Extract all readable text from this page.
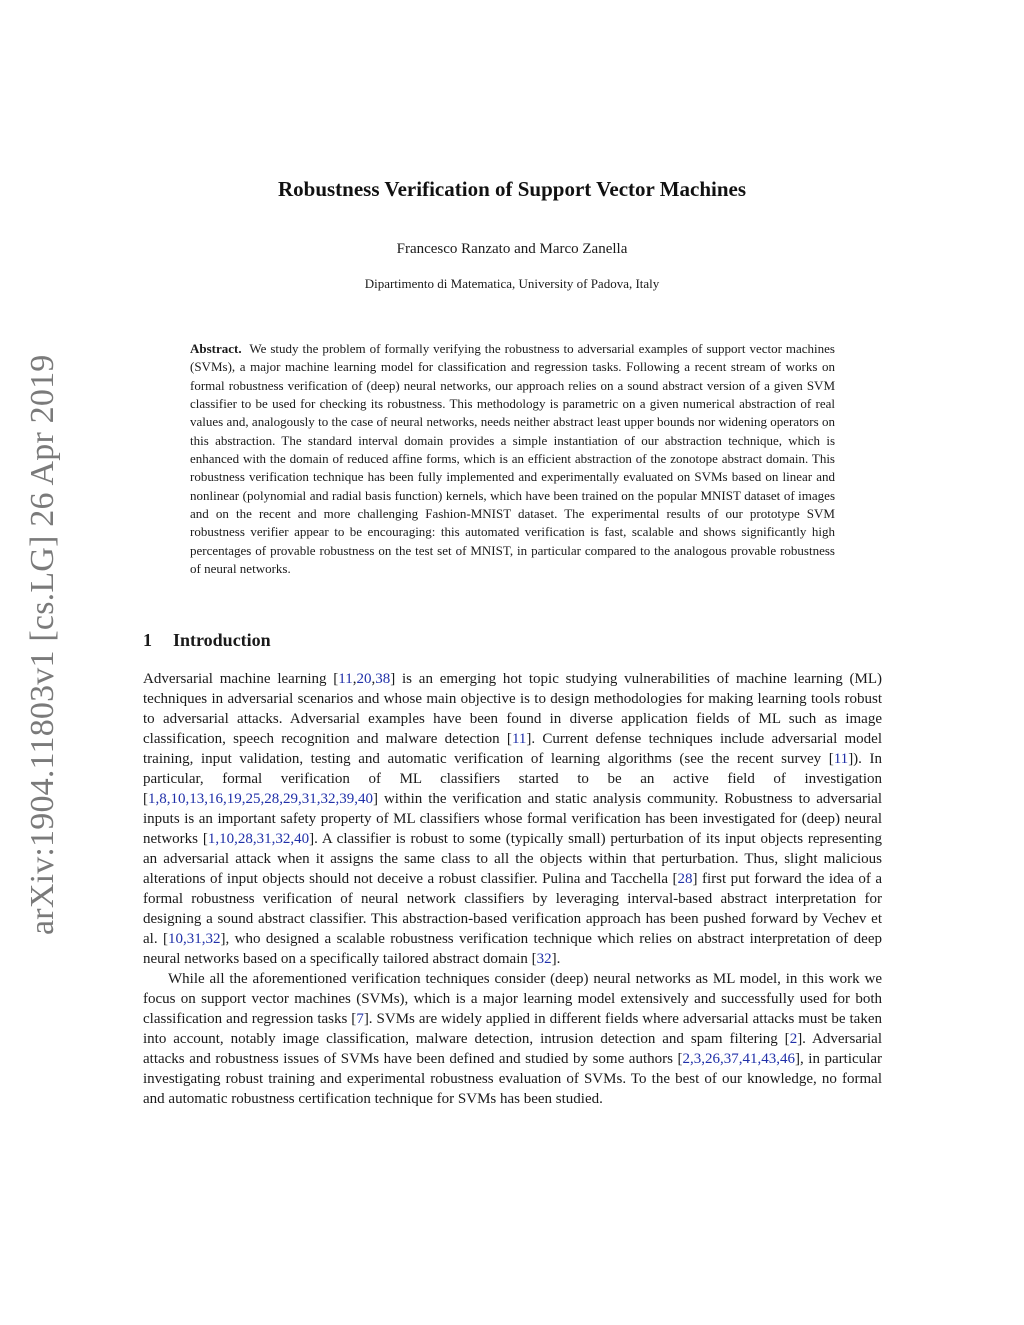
arXiv:1904.11803v1 [cs.LG] 26 Apr 2019
Robustness Verification of Support Vector Machines
Francesco Ranzato and Marco Zanella
Dipartimento di Matematica, University of Padova, Italy
Abstract. We study the problem of formally verifying the robustness to adversarial examples of support vector machines (SVMs), a major machine learning model for classification and regression tasks. Following a recent stream of works on formal robustness verification of (deep) neural networks, our approach relies on a sound abstract version of a given SVM classifier to be used for checking its robustness. This methodology is parametric on a given numerical abstraction of real values and, analogously to the case of neural networks, needs neither abstract least upper bounds nor widening operators on this abstraction. The standard interval domain provides a simple instantiation of our abstraction technique, which is enhanced with the domain of reduced affine forms, which is an efficient abstraction of the zonotope abstract domain. This robustness verification technique has been fully implemented and experimentally evaluated on SVMs based on linear and nonlinear (polynomial and radial basis function) kernels, which have been trained on the popular MNIST dataset of images and on the recent and more challenging Fashion-MNIST dataset. The experimental results of our prototype SVM robustness verifier appear to be encouraging: this automated verification is fast, scalable and shows significantly high percentages of provable robustness on the test set of MNIST, in particular compared to the analogous provable robustness of neural networks.
1 Introduction

Adversarial machine learning [11,20,38] is an emerging hot topic studying vulnerabilities of machine learning (ML) techniques in adversarial scenarios and whose main objective is to design methodologies for making learning tools robust to adversarial attacks. Adversarial examples have been found in diverse application fields of ML such as image classification, speech recognition and malware detection [11]. Current defense techniques include adversarial model training, input validation, testing and automatic verification of learning algorithms (see the recent survey [11]). In particular, formal verification of ML classifiers started to be an active field of investigation [1,8,10,13,16,19,25,28,29,31,32,39,40] within the verification and static analysis community. Robustness to adversarial inputs is an important safety property of ML classifiers whose formal verification has been investigated for (deep) neural networks [1,10,28,31,32,40]. A classifier is robust to some (typically small) perturbation of its input objects representing an adversarial attack when it assigns the same class to all the objects within that perturbation. Thus, slight malicious alterations of input objects should not deceive a robust classifier. Pulina and Tacchella [28] first put forward the idea of a formal robustness verification of neural network classifiers by leveraging interval-based abstract interpretation for designing a sound abstract classifier. This abstraction-based verification approach has been pushed forward by Vechev et al. [10,31,32], who designed a scalable robustness verification technique which relies on abstract interpretation of deep neural networks based on a specifically tailored abstract domain [32].

While all the aforementioned verification techniques consider (deep) neural networks as ML model, in this work we focus on support vector machines (SVMs), which is a major learning model extensively and successfully used for both classification and regression tasks [7]. SVMs are widely applied in different fields where adversarial attacks must be taken into account, notably image classification, malware detection, intrusion detection and spam filtering [2]. Adversarial attacks and robustness issues of SVMs have been defined and studied by some authors [2,3,26,37,41,43,46], in particular investigating robust training and experimental robustness evaluation of SVMs. To the best of our knowledge, no formal and automatic robustness certification technique for SVMs has been studied.
